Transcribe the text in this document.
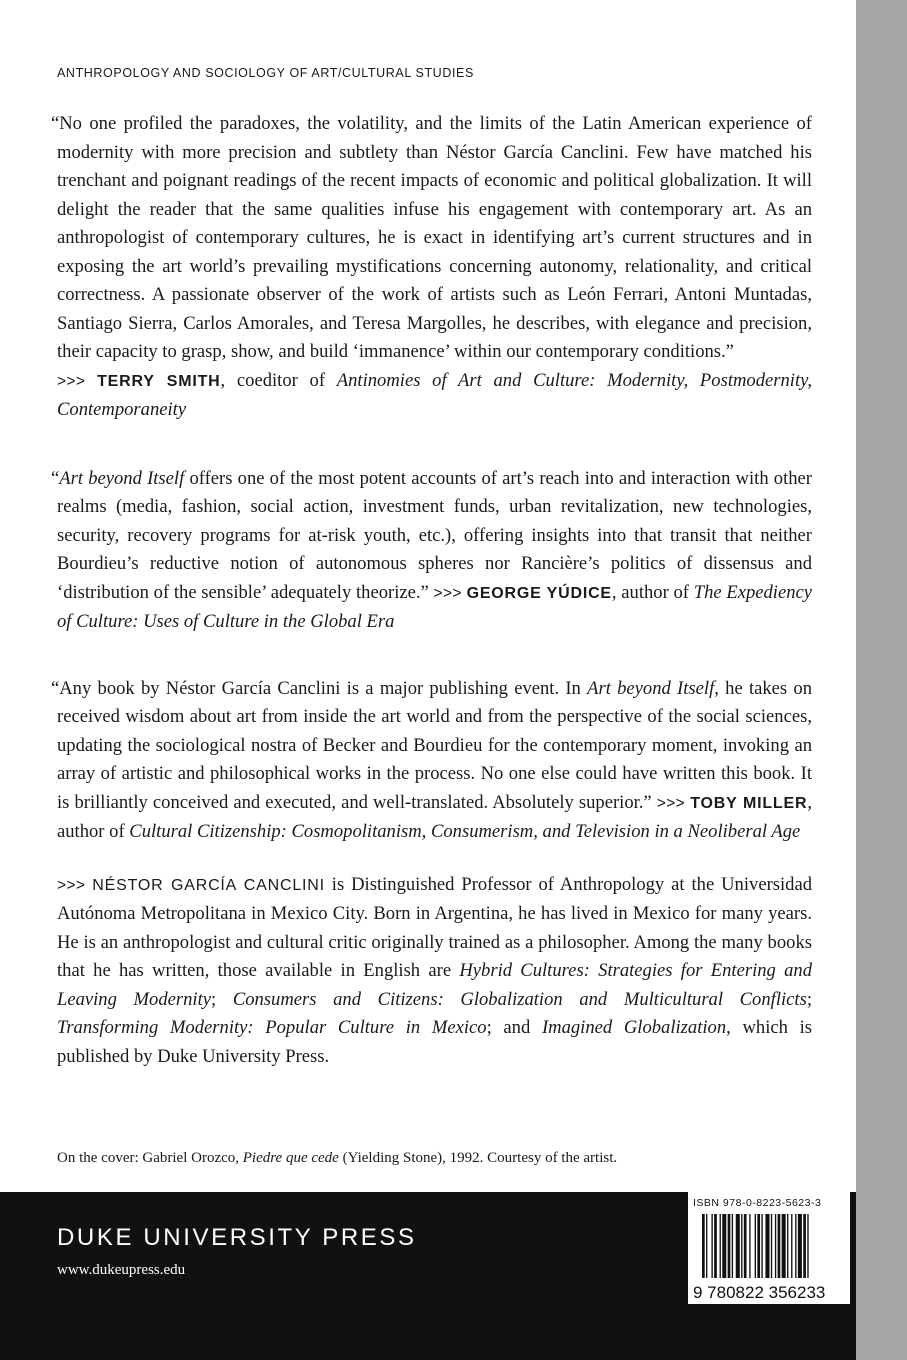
ANTHROPOLOGY AND SOCIOLOGY OF ART/CULTURAL STUDIES

“No one profiled the paradoxes, the volatility, and the limits of the Latin American experience of modernity with more precision and subtlety than Néstor García Canclini. Few have matched his trenchant and poignant readings of the recent impacts of economic and political globalization. It will delight the reader that the same qualities infuse his engagement with contemporary art. As an anthropologist of contemporary cultures, he is exact in identifying art’s current structures and in exposing the art world’s prevailing mystifications concerning autonomy, relationality, and critical correctness. A passionate observer of the work of artists such as León Ferrari, Antoni Muntadas, Santiago Sierra, Carlos Amorales, and Teresa Margolles, he describes, with elegance and precision, their capacity to grasp, show, and build ‘immanence’ within our contemporary conditions.”
>>> TERRY SMITH, coeditor of Antinomies of Art and Culture: Modernity, Postmodernity, Contemporaneity

“Art beyond Itself offers one of the most potent accounts of art’s reach into and interaction with other realms (media, fashion, social action, investment funds, urban revitalization, new technologies, security, recovery programs for at-risk youth, etc.), offering insights into that transit that neither Bourdieu’s reductive notion of autonomous spheres nor Rancière’s politics of dissensus and ‘distribution of the sensible’ adequately theorize.” >>> GEORGE YÚDICE, author of The Expediency of Culture: Uses of Culture in the Global Era

“Any book by Néstor García Canclini is a major publishing event. In Art beyond Itself, he takes on received wisdom about art from inside the art world and from the perspective of the social sciences, updating the sociological nostra of Becker and Bourdieu for the contemporary moment, invoking an array of artistic and philosophical works in the process. No one else could have written this book. It is brilliantly conceived and executed, and well-translated. Absolutely superior.” >>> TOBY MILLER, author of Cultural Citizenship: Cosmopolitanism, Consumerism, and Television in a Neoliberal Age

>>> NÉSTOR GARCÍA CANCLINI is Distinguished Professor of Anthropology at the Universidad Autónoma Metropolitana in Mexico City. Born in Argentina, he has lived in Mexico for many years. He is an anthropologist and cultural critic originally trained as a philosopher. Among the many books that he has written, those available in English are Hybrid Cultures: Strategies for Entering and Leaving Modernity; Consumers and Citizens: Globalization and Multicultural Conflicts; Transforming Modernity: Popular Culture in Mexico; and Imagined Globalization, which is published by Duke University Press.

On the cover: Gabriel Orozco, Piedre que cede (Yielding Stone), 1992. Courtesy of the artist.
DUKE UNIVERSITY PRESS
www.dukeupress.edu
ISBN 978-0-8223-5623-3
9 780822 356233
